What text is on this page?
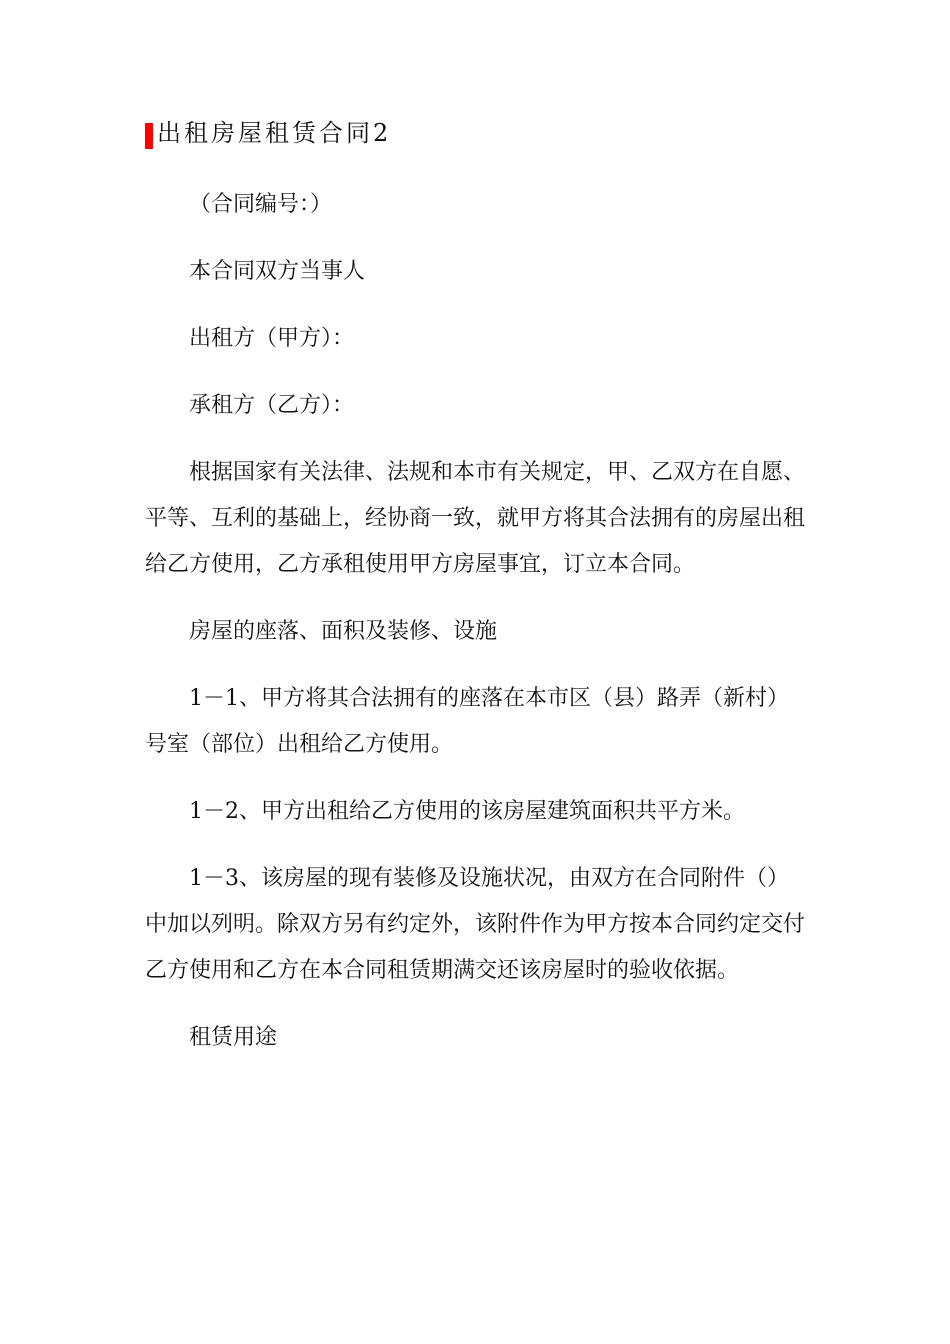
出租房屋租赁合同2

（合同编号：）

本合同双方当事人

出租方（甲方）：

承租方（乙方）：

根据国家有关法律、法规和本市有关规定，甲、乙双方在自愿、平等、互利的基础上，经协商一致，就甲方将其合法拥有的房屋出租给乙方使用，乙方承租使用甲方房屋事宜，订立本合同。

房屋的座落、面积及装修、设施

1－1、甲方将其合法拥有的座落在本市区（县）路弄（新村）号室（部位）出租给乙方使用。

1－2、甲方出租给乙方使用的该房屋建筑面积共平方米。

1－3、该房屋的现有装修及设施状况，由双方在合同附件（）中加以列明。除双方另有约定外，该附件作为甲方按本合同约定交付乙方使用和乙方在本合同租赁期满交还该房屋时的验收依据。

租赁用途
